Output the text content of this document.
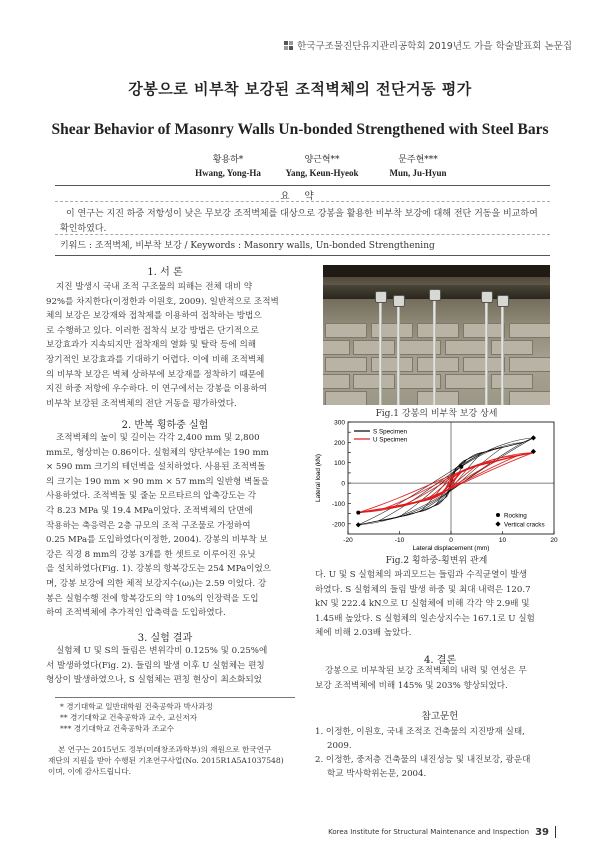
한국구조물진단유지관리공학회 2019년도 가을 학술발표회 논문집
강봉으로 비부착 보강된 조적벽체의 전단거동 평가
Shear Behavior of Masonry Walls Un-bonded Strengthened with Steel Bars
황용하*
Hwang, Yong-Ha
양근혁**
Yang, Keun-Hyeok
문주현***
Mun, Ju-Hyun
요 약
이 연구는 지진 하중 저항성이 낮은 무보강 조적벽체를 대상으로 강봉을 활용한 비부착 보강에 대해 전단 거동을 비교하여 확인하였다.
키워드 : 조적벽체, 비부착 보강 / Keywords : Masonry walls, Un-bonded Strengthening
1. 서 론
지진 발생시 국내 조적 구조물의 피해는 전체 대비 약
92%를 차지한다(이정한과 이원호, 2009). 일반적으로 조적벽
체의 보강은 보강재와 접착제를 이용하여 접착하는 방법으
로 수행하고 있다. 이러한 접착식 보강 방법은 단기적으로
보강효과가 지속되지만 접착재의 열화 및 탈락 등에 의해
장기적인 보강효과를 기대하기 어렵다. 이에 비해 조적벽체
의 비부착 보강은 벽체 상하부에 보강재를 정착하기 때문에
지진 하중 저항에 우수하다. 이 연구에서는 강봉을 이용하여
비부착 보강된 조적벽체의 전단 거동을 평가하였다.
2. 반복 횡하중 실험
조적벽체의 높이 및 길이는 각각 2,400 mm 및 2,800
mm로, 형상비는 0.86이다. 실험체의 양단부에는 190 mm
× 590 mm 크기의 테던벽을 설치하였다. 사용된 조적벽돌
의 크기는 190 mm × 90 mm × 57 mm의 일반형 벽돌을
사용하였다. 조적벽돌 및 줄눈 모르타르의 압축강도는 각
각 8.23 MPa 및 19.4 MPa이었다. 조적벽체의 단면에
작용하는 축응력은 2층 규모의 조적 구조물로 가정하여
0.25 MPa를 도입하였다(이정한, 2004). 강봉의 비부착 보
강은 직경 8 mm의 강봉 3개를 한 셋트로 이루어진 유닛
을 설치하였다(Fig. 1). 강봉의 항복강도는 254 MPa이었으
며, 강봉 보강에 의한 체적 보강지수(ωⱼ)는 2.59 이었다. 강
봉은 실험수행 전에 항복강도의 약 10%의 인장력을 도입
하여 조적벽체에 추가적인 압축력을 도입하였다.
3. 실험 결과
실험체 U 및 S의 들림은 변위각비 0.125% 및 0.25%에
서 발생하였다(Fig. 2). 들림의 발생 이후 U 실험체는 편칭
형상이 발생하였으나, S 실험체는 편칭 현상이 최소화되었
* 경기대학교 일반대학원 건축공학과 박사과정
** 경기대학교 건축공학과 교수, 교신저자
*** 경기대학교 건축공학과 조교수
본 연구는 2015년도 정부(미래창조과학부)의 재원으로 한국연구
재단의 지원을 받아 수행된 기초연구사업(No. 2015R1A5A1037548)
이며, 이에 감사드립니다.
Fig.1 강봉의 비부착 보강 상세
-200
-100
0
100
200
300
-20	-10	0	10	20
Lateral displacement (mm)
Lateral load (kN)
S Specimen
U Specimen
Rocking
Vertical cracks
Fig.2 횡하중-횡변위 관계
다. U 및 S 실험체의 파괴모드는 들림과 수직균열이 발생
하였다. S 실험체의 들림 발생 하중 및 최대 내력은 120.7
kN 및 222.4 kN으로 U 실험체에 비해 각각 약 2.9배 및
1.45배 높았다. S 실험체의 일손상지수는 167.1로 U 실험
체에 비해 2.03배 높았다.
4. 결론
강봉으로 비부착된 보강 조적벽체의 내력 및 연성은 무
보강 조적벽체에 비해 145% 및 203% 향상되었다.
참고문헌
1. 이정한, 이원호, 국내 조적조 건축물의 지진방재 실태,
2009.
2. 이정한, 중저층 건축물의 내진성능 및 내진보강, 광운대
학교 박사학위논문, 2004.
Korea Institute for Structural Maintenance and Inspection 39
